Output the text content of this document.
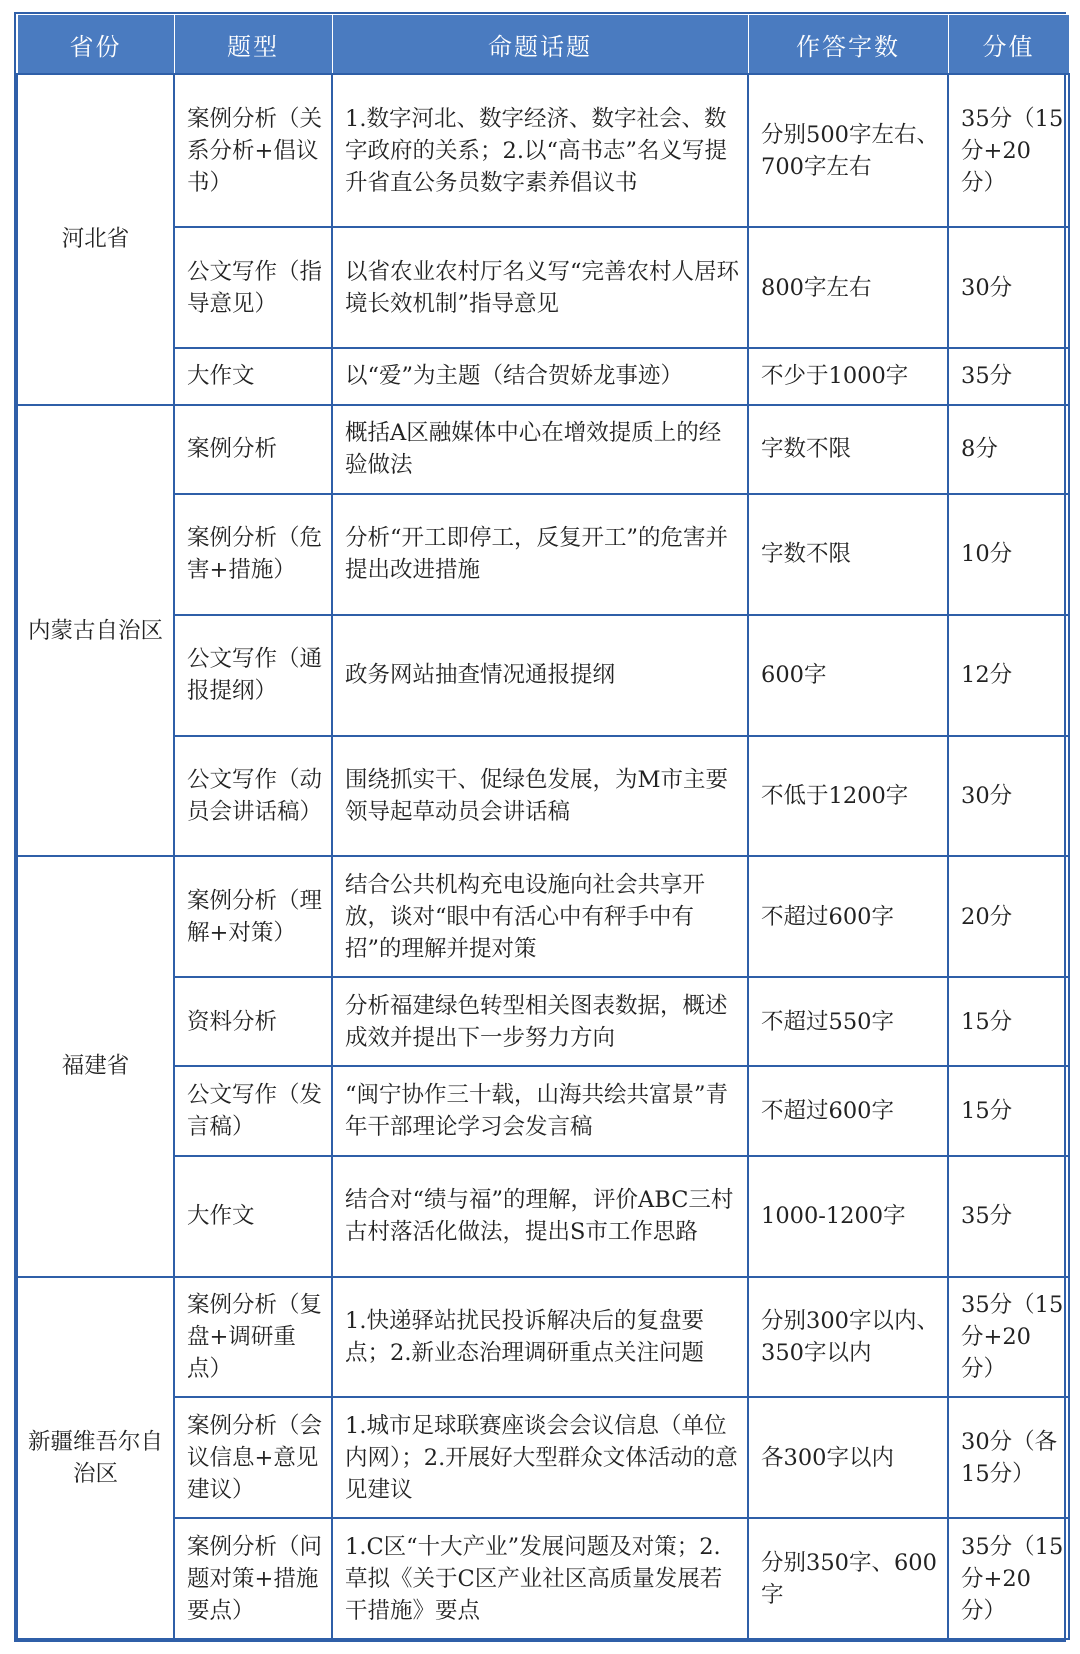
省份	题型	命题话题	作答字数	分值
河北省	案例分析（关系分析+倡议书）	1.数字河北、数字经济、数字社会、数字政府的关系；2.以“高书志”名义写提升省直公务员数字素养倡议书	分别500字左右、700字左右	35分（15分+20分）
	公文写作（指导意见）	以省农业农村厅名义写“完善农村人居环境长效机制”指导意见	800字左右	30分
	大作文	以“爱”为主题（结合贺娇龙事迹）	不少于1000字	35分
内蒙古自治区	案例分析	概括A区融媒体中心在增效提质上的经验做法	字数不限	8分
	案例分析（危害+措施）	分析“开工即停工，反复开工”的危害并提出改进措施	字数不限	10分
	公文写作（通报提纲）	政务网站抽查情况通报提纲	600字	12分
	公文写作（动员会讲话稿）	围绕抓实干、促绿色发展，为M市主要领导起草动员会讲话稿	不低于1200字	30分
福建省	案例分析（理解+对策）	结合公共机构充电设施向社会共享开放，谈对“眼中有活心中有秤手中有招”的理解并提对策	不超过600字	20分
	资料分析	分析福建绿色转型相关图表数据，概述成效并提出下一步努力方向	不超过550字	15分
	公文写作（发言稿）	“闽宁协作三十载，山海共绘共富景”青年干部理论学习会发言稿	不超过600字	15分
	大作文	结合对“绩与福”的理解，评价ABC三村古村落活化做法，提出S市工作思路	1000-1200字	35分
新疆维吾尔自治区	案例分析（复盘+调研重点）	1.快递驿站扰民投诉解决后的复盘要点；2.新业态治理调研重点关注问题	分别300字以内、350字以内	35分（15分+20分）
	案例分析（会议信息+意见建议）	1.城市足球联赛座谈会会议信息（单位内网）；2.开展好大型群众文体活动的意见建议	各300字以内	30分（各15分）
	案例分析（问题对策+措施要点）	1.C区“十大产业”发展问题及对策；2.草拟《关于C区产业社区高质量发展若干措施》要点	分别350字、600字	35分（15分+20分）
